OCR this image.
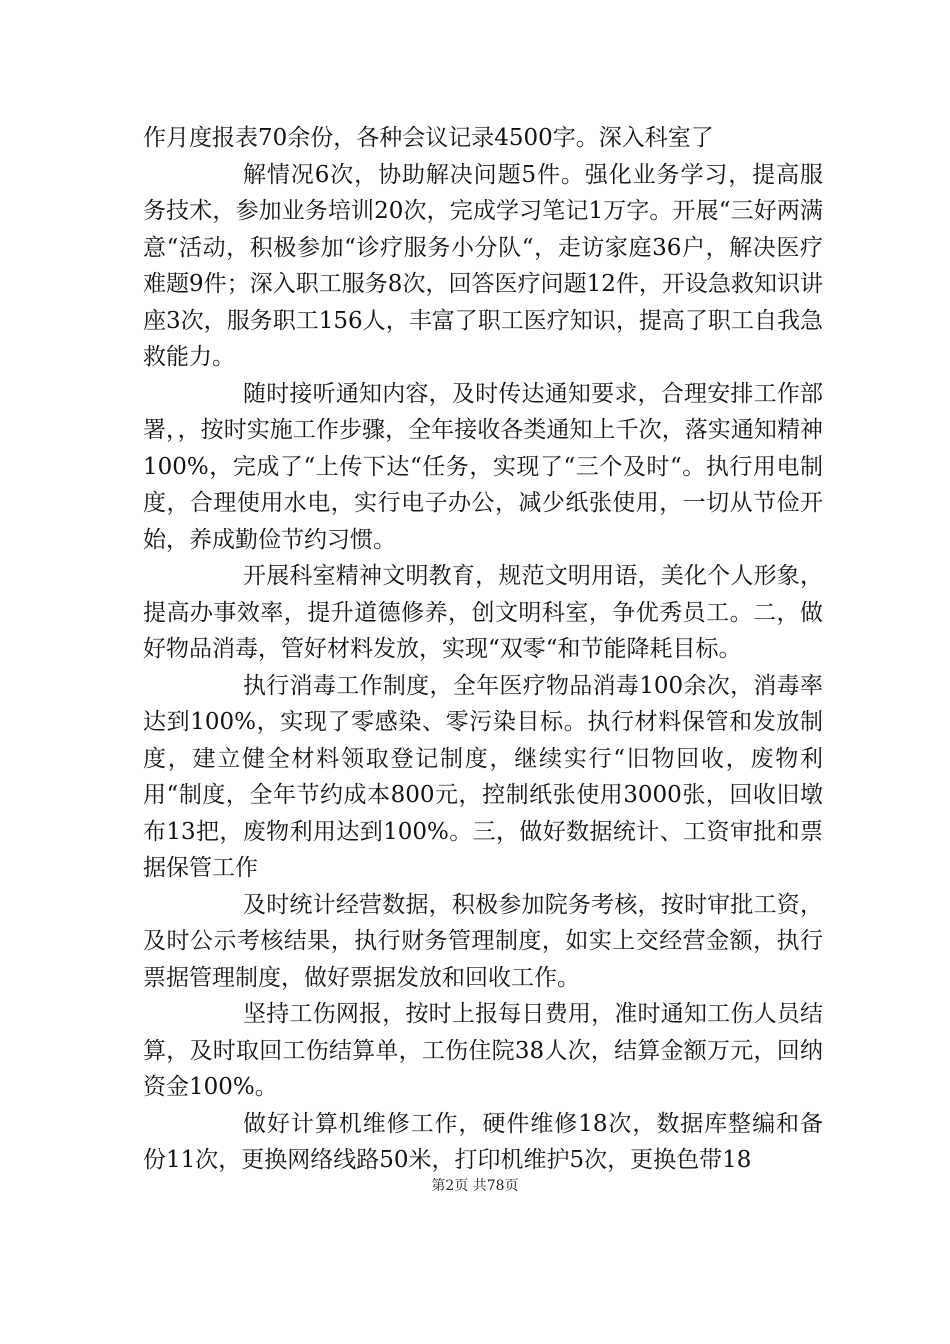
作月度报表70余份，各种会议记录4500字。深入科室了

解情况6次，协助解决问题5件。强化业务学习，提高服务技术，参加业务培训20次，完成学习笔记1万字。开展“三好两满意“活动，积极参加“诊疗服务小分队“，走访家庭36户，解决医疗难题9件；深入职工服务8次，回答医疗问题12件，开设急救知识讲座3次，服务职工156人，丰富了职工医疗知识，提高了职工自我急救能力。

随时接听通知内容，及时传达通知要求，合理安排工作部署，，按时实施工作步骤，全年接收各类通知上千次，落实通知精神100%，完成了“上传下达“任务，实现了“三个及时“。执行用电制度，合理使用水电，实行电子办公，减少纸张使用，一切从节俭开始，养成勤俭节约习惯。

开展科室精神文明教育，规范文明用语，美化个人形象，提高办事效率，提升道德修养，创文明科室，争优秀员工。二，做好物品消毒，管好材料发放，实现“双零“和节能降耗目标。

执行消毒工作制度，全年医疗物品消毒100余次，消毒率达到100%，实现了零感染、零污染目标。执行材料保管和发放制度，建立健全材料领取登记制度，继续实行“旧物回收，废物利用“制度，全年节约成本800元，控制纸张使用3000张，回收旧墩布13把，废物利用达到100%。三，做好数据统计、工资审批和票据保管工作

及时统计经营数据，积极参加院务考核，按时审批工资，及时公示考核结果，执行财务管理制度，如实上交经营金额，执行票据管理制度，做好票据发放和回收工作。

坚持工伤网报，按时上报每日费用，准时通知工伤人员结算，及时取回工伤结算单，工伤住院38人次，结算金额万元，回纳资金100%。

做好计算机维修工作，硬件维修18次，数据库整编和备份11次，更换网络线路50米，打印机维护5次，更换色带18

第2页 共78页
